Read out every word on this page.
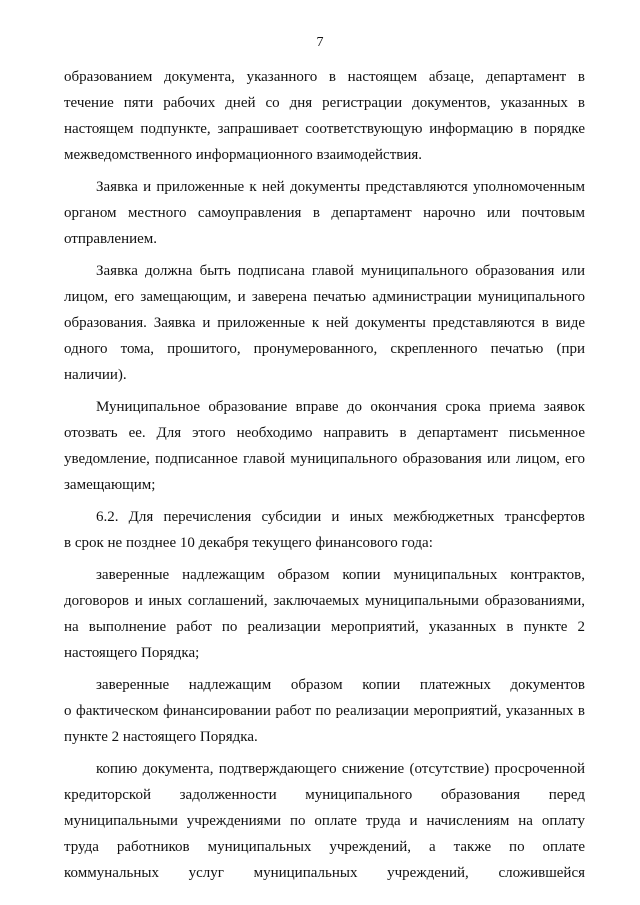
7

образованием документа, указанного в настоящем абзаце, департамент в
течение пяти рабочих дней со дня регистрации документов, указанных в
настоящем подпункте, запрашивает соответствующую информацию в порядке
межведомственного информационного взаимодействия.

Заявка и приложенные к ней документы представляются уполномоченным
органом местного самоуправления в департамент нарочно или почтовым
отправлением.

Заявка должна быть подписана главой муниципального образования или
лицом, его замещающим, и заверена печатью администрации муниципального
образования. Заявка и приложенные к ней документы представляются в виде
одного тома, прошитого, пронумерованного, скрепленного печатью (при
наличии).

Муниципальное образование вправе до окончания срока приема заявок
отозвать ее. Для этого необходимо направить в департамент письменное
уведомление, подписанное главой муниципального образования или лицом, его
замещающим;

6.2. Для перечисления субсидии и иных межбюджетных трансфертов
в срок не позднее 10 декабря текущего финансового года:

заверенные надлежащим образом копии муниципальных контрактов,
договоров и иных соглашений, заключаемых муниципальными образованиями,
на выполнение работ по реализации мероприятий, указанных в пункте 2
настоящего Порядка;

заверенные надлежащим образом копии платежных документов
о фактическом финансировании работ по реализации мероприятий, указанных в
пункте 2 настоящего Порядка.

копию документа, подтверждающего снижение (отсутствие) просроченной
кредиторской задолженности муниципального образования перед
муниципальными учреждениями по оплате труда и начислениям на оплату
труда работников муниципальных учреждений, а также по оплате
коммунальных услуг муниципальных учреждений, сложившейся
